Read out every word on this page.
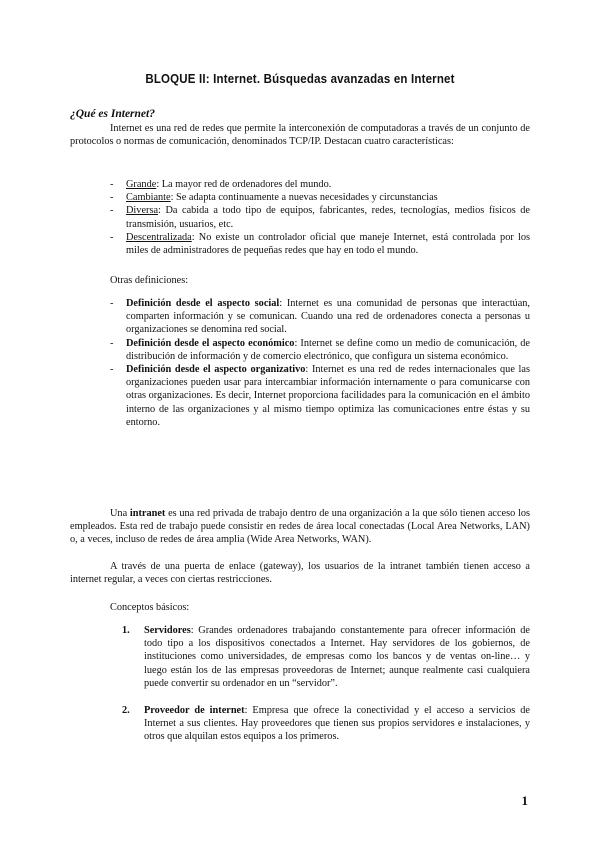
BLOQUE II: Internet. Búsquedas avanzadas en Internet
¿Qué es Internet?
Internet es una red de redes que permite la interconexión de computadoras a través de un conjunto de protocolos o normas de comunicación, denominados TCP/IP. Destacan cuatro características:
- Grande: La mayor red de ordenadores del mundo.
- Cambiante: Se adapta continuamente a nuevas necesidades y circunstancias
- Diversa: Da cabida a todo tipo de equipos, fabricantes, redes, tecnologías, medios físicos de transmisión, usuarios, etc.
- Descentralizada: No existe un controlador oficial que maneje Internet, está controlada por los miles de administradores de pequeñas redes que hay en todo el mundo.
Otras definiciones:
- Definición desde el aspecto social: Internet es una comunidad de personas que interactúan, comparten información y se comunican. Cuando una red de ordenadores conecta a personas u organizaciones se denomina red social.
- Definición desde el aspecto económico: Internet se define como un medio de comunicación, de distribución de información y de comercio electrónico, que configura un sistema económico.
- Definición desde el aspecto organizativo: Internet es una red de redes internacionales que las organizaciones pueden usar para intercambiar información internamente o para comunicarse con otras organizaciones. Es decir, Internet proporciona facilidades para la comunicación en el ámbito interno de las organizaciones y al mismo tiempo optimiza las comunicaciones entre éstas y su entorno.
Una intranet es una red privada de trabajo dentro de una organización a la que sólo tienen acceso los empleados. Esta red de trabajo puede consistir en redes de área local conectadas (Local Area Networks, LAN) o, a veces, incluso de redes de área amplia (Wide Area Networks, WAN).
A través de una puerta de enlace (gateway), los usuarios de la intranet también tienen acceso a internet regular, a veces con ciertas restricciones.
Conceptos básicos:
1. Servidores: Grandes ordenadores trabajando constantemente para ofrecer información de todo tipo a los dispositivos conectados a Internet. Hay servidores de los gobiernos, de instituciones como universidades, de empresas como los bancos y de ventas on-line… y luego están los de las empresas proveedoras de Internet; aunque realmente casi cualquiera puede convertir su ordenador en un “servidor”.
2. Proveedor de internet: Empresa que ofrece la conectividad y el acceso a servicios de Internet a sus clientes. Hay proveedores que tienen sus propios servidores e instalaciones, y otros que alquilan estos equipos a los primeros.
1
